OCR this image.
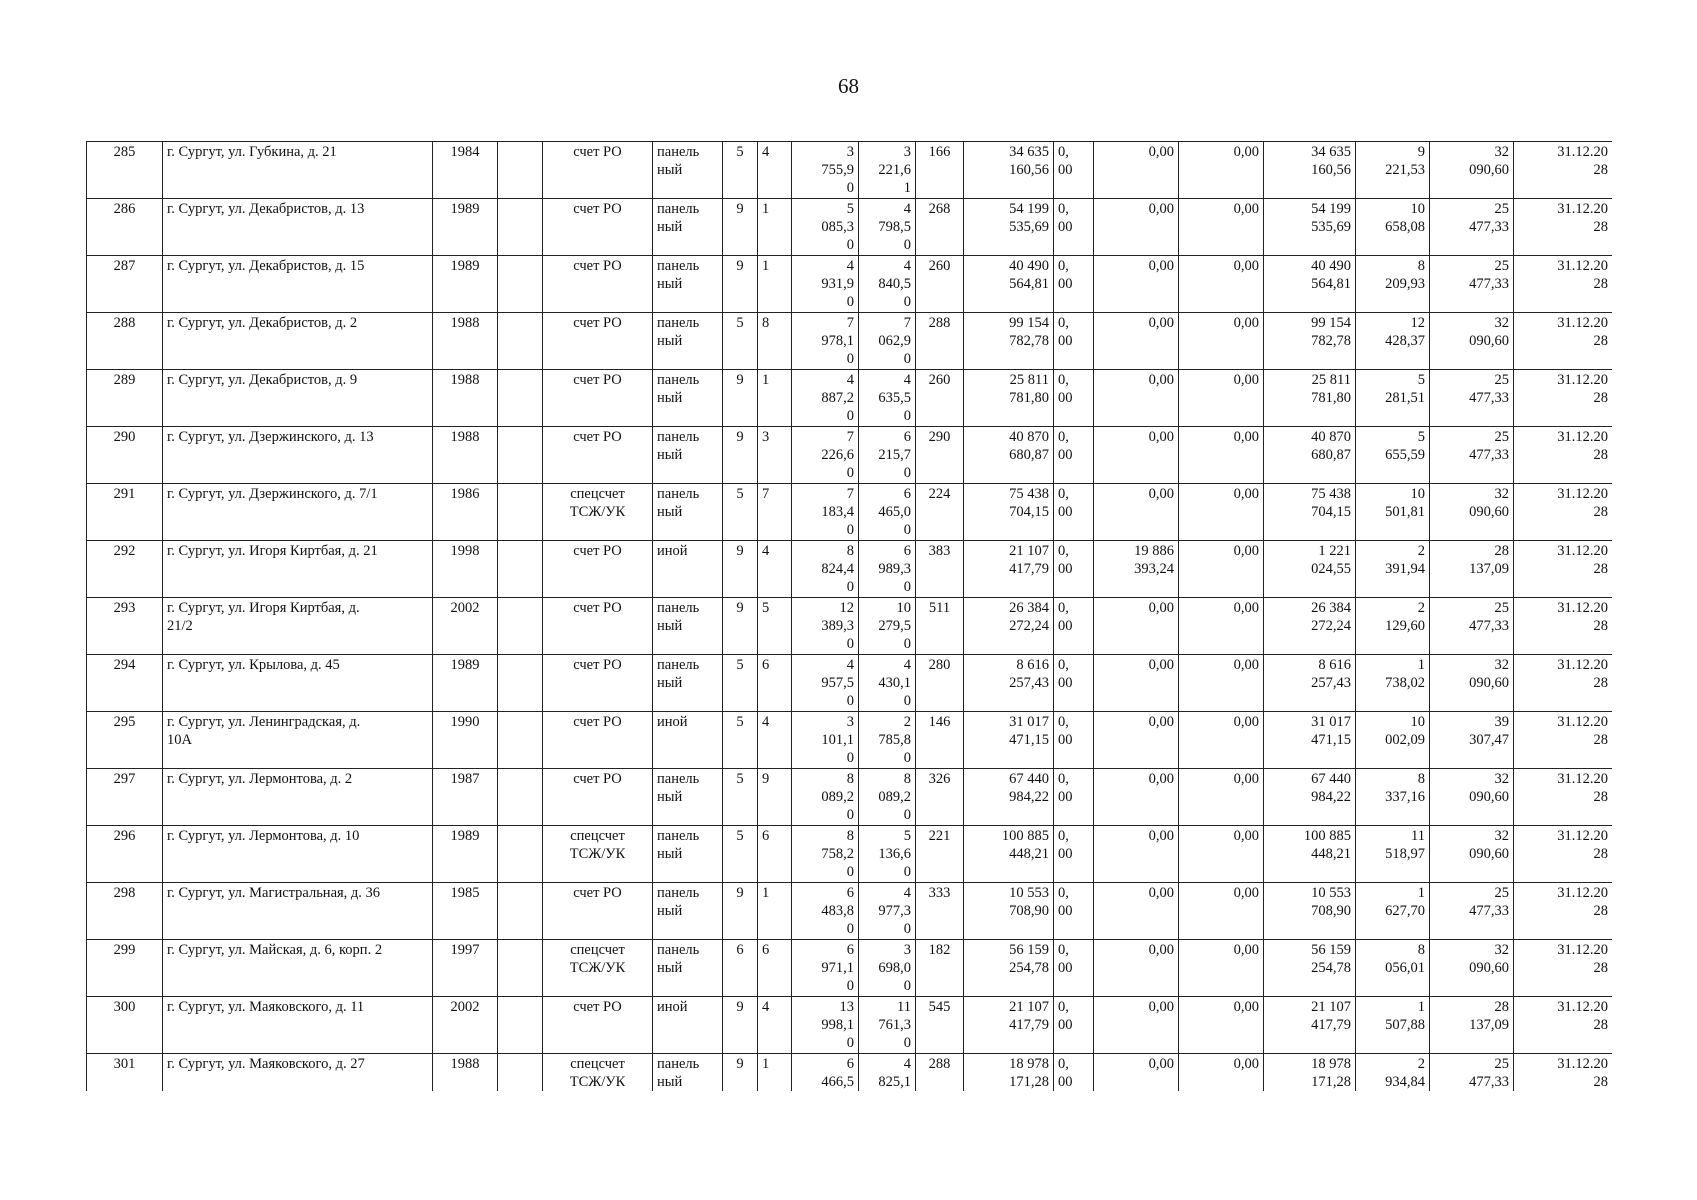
68
285	г. Сургут, ул. Губкина, д. 21	1984		счет РО	панель
ный	5	4	3
755,9
0	3
221,6
1	166	34 635
160,56	0,
00	0,00	0,00	34 635
160,56	9
221,53	32
090,60	31.12.20
28
286	г. Сургут, ул. Декабристов, д. 13	1989		счет РО	панель
ный	9	1	5
085,3
0	4
798,5
0	268	54 199
535,69	0,
00	0,00	0,00	54 199
535,69	10
658,08	25
477,33	31.12.20
28
287	г. Сургут, ул. Декабристов, д. 15	1989		счет РО	панель
ный	9	1	4
931,9
0	4
840,5
0	260	40 490
564,81	0,
00	0,00	0,00	40 490
564,81	8
209,93	25
477,33	31.12.20
28
288	г. Сургут, ул. Декабристов, д. 2	1988		счет РО	панель
ный	5	8	7
978,1
0	7
062,9
0	288	99 154
782,78	0,
00	0,00	0,00	99 154
782,78	12
428,37	32
090,60	31.12.20
28
289	г. Сургут, ул. Декабристов, д. 9	1988		счет РО	панель
ный	9	1	4
887,2
0	4
635,5
0	260	25 811
781,80	0,
00	0,00	0,00	25 811
781,80	5
281,51	25
477,33	31.12.20
28
290	г. Сургут, ул. Дзержинского, д. 13	1988		счет РО	панель
ный	9	3	7
226,6
0	6
215,7
0	290	40 870
680,87	0,
00	0,00	0,00	40 870
680,87	5
655,59	25
477,33	31.12.20
28
291	г. Сургут, ул. Дзержинского, д. 7/1	1986		спецсчет
ТСЖ/УК	панель
ный	5	7	7
183,4
0	6
465,0
0	224	75 438
704,15	0,
00	0,00	0,00	75 438
704,15	10
501,81	32
090,60	31.12.20
28
292	г. Сургут, ул. Игоря Киртбая, д. 21	1998		счет РО	иной	9	4	8
824,4
0	6
989,3
0	383	21 107
417,79	0,
00	19 886
393,24	0,00	1 221
024,55	2
391,94	28
137,09	31.12.20
28
293	г. Сургут, ул. Игоря Киртбая, д.
21/2	2002		счет РО	панель
ный	9	5	12
389,3
0	10
279,5
0	511	26 384
272,24	0,
00	0,00	0,00	26 384
272,24	2
129,60	25
477,33	31.12.20
28
294	г. Сургут, ул. Крылова, д. 45	1989		счет РО	панель
ный	5	6	4
957,5
0	4
430,1
0	280	8 616
257,43	0,
00	0,00	0,00	8 616
257,43	1
738,02	32
090,60	31.12.20
28
295	г. Сургут, ул. Ленинградская, д.
10А	1990		счет РО	иной	5	4	3
101,1
0	2
785,8
0	146	31 017
471,15	0,
00	0,00	0,00	31 017
471,15	10
002,09	39
307,47	31.12.20
28
297	г. Сургут, ул. Лермонтова, д. 2	1987		счет РО	панель
ный	5	9	8
089,2
0	8
089,2
0	326	67 440
984,22	0,
00	0,00	0,00	67 440
984,22	8
337,16	32
090,60	31.12.20
28
296	г. Сургут, ул. Лермонтова, д. 10	1989		спецсчет
ТСЖ/УК	панель
ный	5	6	8
758,2
0	5
136,6
0	221	100 885
448,21	0,
00	0,00	0,00	100 885
448,21	11
518,97	32
090,60	31.12.20
28
298	г. Сургут, ул. Магистральная, д. 36	1985		счет РО	панель
ный	9	1	6
483,8
0	4
977,3
0	333	10 553
708,90	0,
00	0,00	0,00	10 553
708,90	1
627,70	25
477,33	31.12.20
28
299	г. Сургут, ул. Майская, д. 6, корп. 2	1997		спецсчет
ТСЖ/УК	панель
ный	6	6	6
971,1
0	3
698,0
0	182	56 159
254,78	0,
00	0,00	0,00	56 159
254,78	8
056,01	32
090,60	31.12.20
28
300	г. Сургут, ул. Маяковского, д. 11	2002		счет РО	иной	9	4	13
998,1
0	11
761,3
0	545	21 107
417,79	0,
00	0,00	0,00	21 107
417,79	1
507,88	28
137,09	31.12.20
28
301	г. Сургут, ул. Маяковского, д. 27	1988		спецсчет
ТСЖ/УК	панель
ный	9	1	6
466,5	4
825,1	288	18 978
171,28	0,
00	0,00	0,00	18 978
171,28	2
934,84	25
477,33	31.12.20
28
